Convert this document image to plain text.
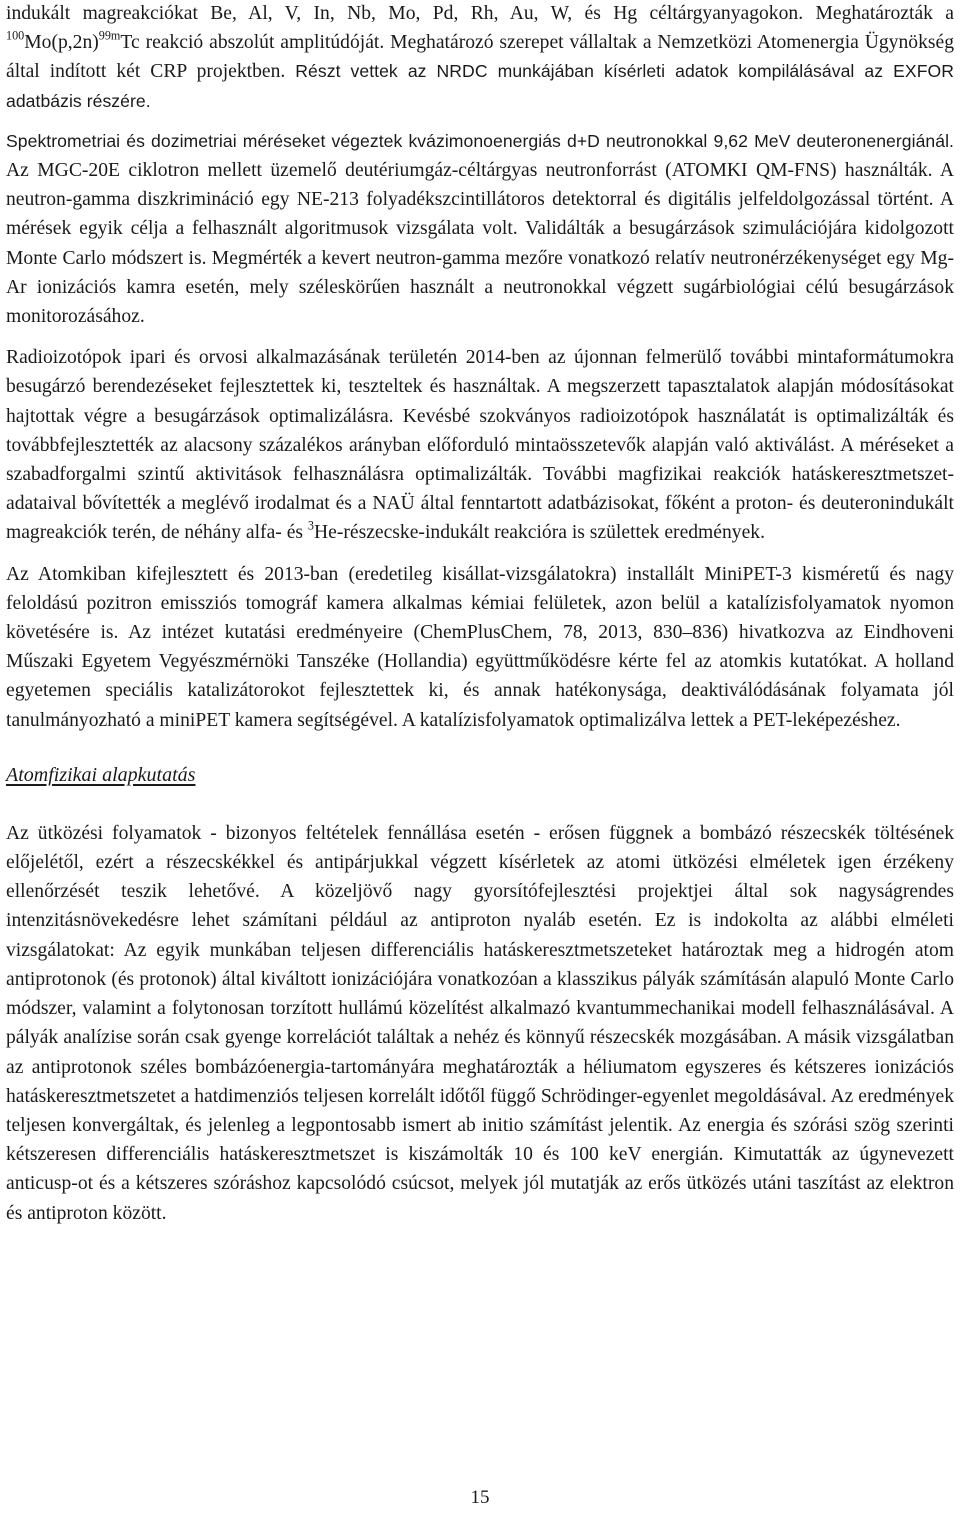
indukált magreakciókat Be, Al, V, In, Nb, Mo, Pd, Rh, Au, W, és Hg céltárgyanyagokon. Meghatározták a $^{100}Mo(p,2n)^{99m}Tc$ reakció abszolút amplitúdóját. Meghatározó szerepet vállaltak a Nemzetközi Atomenergia Ügynökség által indított két CRP projektben. Részt vettek az NRDC munkájában kísérleti adatok kompilálásával az EXFOR adatbázis részére.

Spektrometriai és dozimetriai méréseket végeztek kvázimonoenergiás d+D neutronokkal 9,62 MeV deuteronenergiánál. Az MGC-20E ciklotron mellett üzemelő deutériumgáz-céltárgyas neutronforrást (ATOMKI QM-FNS) használták. A neutron-gamma diszkrimináció egy NE-213 folyadékszcintillátoros detektorral és digitális jelfeldolgozással történt. A mérések egyik célja a felhasznált algoritmusok vizsgálata volt. Validálták a besugárzások szimulációjára kidolgozott Monte Carlo módszert is. Megmérték a kevert neutron-gamma mezőre vonatkozó relatív neutronérzékenységet egy Mg-Ar ionizációs kamra esetén, mely széleskörűen használt a neutronokkal végzett sugárbiológiai célú besugárzások monitorozásához.

Radioizotópok ipari és orvosi alkalmazásának területén 2014-ben az újonnan felmerülő további mintaformátumokra besugárzó berendezéseket fejlesztettek ki, teszteltek és használtak. A megszerzett tapasztalatok alapján módosításokat hajtottak végre a besugárzások optimalizálásra. Kevésbé szokványos radioizotópok használatát is optimalizálták és továbbfejlesztették az alacsony százalékos arányban előforduló mintaösszetevők alapján való aktiválást. A méréseket a szabadforgalmi szintű aktivitások felhasználásra optimalizálták. További magfizikai reakciók hatáskeresztmetszet-adataival bővítették a meglévő irodalmat és a NAÜ által fenntartott adatbázisokat, főként a proton- és deuteronindukált magreakciók terén, de néhány alfa- és $^3$He-részecske-indukált reakcióra is születtek eredmények.

Az Atomkiban kifejlesztett és 2013-ban (eredetileg kisállat-vizsgálatokra) installált MiniPET-3 kisméretű és nagy feloldású pozitron emissziós tomográf kamera alkalmas kémiai felületek, azon belül a katalízisfolyamatok nyomon követésére is. Az intézet kutatási eredményeire (ChemPlusChem, 78, 2013, 830–836) hivatkozva az Eindhoveni Műszaki Egyetem Vegyészmérnöki Tanszéke (Hollandia) együttműködésre kérte fel az atomkis kutatókat. A holland egyetemen speciális katalizátorokot fejlesztettek ki, és annak hatékonysága, deaktiválódásának folyamata jól tanulmányozható a miniPET kamera segítségével. A katalízisfolyamatok optimalizálva lettek a PET-leképezéshez.

Atomfizikai alapkutatás

Az ütközési folyamatok - bizonyos feltételek fennállása esetén - erősen függnek a bombázó részecskék töltésének előjelétől, ezért a részecskékkel és antipárjukkal végzett kísérletek az atomi ütközési elméletek igen érzékeny ellenőrzését teszik lehetővé. A közeljövő nagy gyorsítófejlesztési projektjei által sok nagyságrendes intenzitásnövekedésre lehet számítani például az antiproton nyaláb esetén. Ez is indokolta az alábbi elméleti vizsgálatokat: Az egyik munkában teljesen differenciális hatáskeresztmetszeteket határoztak meg a hidrogén atom antiprotonok (és protonok) által kiváltott ionizációjára vonatkozóan a klasszikus pályák számításán alapuló Monte Carlo módszer, valamint a folytonosan torzított hullámú közelítést alkalmazó kvantummechanikai modell felhasználásával. A pályák analízise során csak gyenge korrelációt találtak a nehéz és könnyű részecskék mozgásában. A másik vizsgálatban az antiprotonok széles bombázóenergia-tartományára meghatározták a héliumatom egyszeres és kétszeres ionizációs hatáskeresztmetszetet a hatdimenziós teljesen korrelált időtől függő Schrödinger-egyenlet megoldásával. Az eredmények teljesen konvergáltak, és jelenleg a legpontosabb ismert ab initio számítást jelentik. Az energia és szórási szög szerinti kétszeresen differenciális hatáskeresztmetszet is kiszámolták 10 és 100 keV energián. Kimutatták az úgynevezett anticusp-ot és a kétszeres szóráshoz kapcsolódó csúcsot, melyek jól mutatják az erős ütközés utáni taszítást az elektron és antiproton között.

15
